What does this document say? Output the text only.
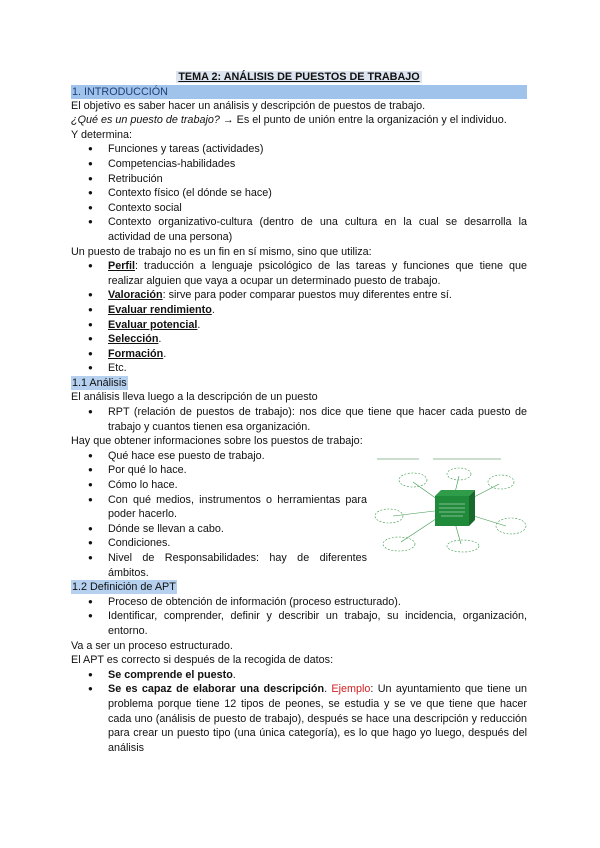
TEMA 2: ANÁLISIS DE PUESTOS DE TRABAJO
1. INTRODUCCIÓN
El objetivo es saber hacer un análisis y descripción de puestos de trabajo.
¿Qué es un puesto de trabajo? → Es el punto de unión entre la organización y el individuo.
Y determina:
● Funciones y tareas (actividades)
● Competencias-habilidades
● Retribución
● Contexto físico (el dónde se hace)
● Contexto social
● Contexto organizativo-cultura (dentro de una cultura en la cual se desarrolla la actividad de una persona)
Un puesto de trabajo no es un fin en sí mismo, sino que utiliza:
● Perfil: traducción a lenguaje psicológico de las tareas y funciones que tiene que realizar alguien que vaya a ocupar un determinado puesto de trabajo.
● Valoración: sirve para poder comparar puestos muy diferentes entre sí.
● Evaluar rendimiento.
● Evaluar potencial.
● Selección.
● Formación.
● Etc.
1.1 Análisis
El análisis lleva luego a la descripción de un puesto
● RPT (relación de puestos de trabajo): nos dice que tiene que hacer cada puesto de trabajo y cuantos tienen esa organización.
Hay que obtener informaciones sobre los puestos de trabajo:
● Qué hace ese puesto de trabajo.
● Por qué lo hace.
● Cómo lo hace.
● Con qué medios, instrumentos o herramientas para poder hacerlo.
● Dónde se llevan a cabo.
● Condiciones.
● Nivel de Responsabilidades: hay de diferentes ámbitos.
1.2 Definición de APT
● Proceso de obtención de información (proceso estructurado).
● Identificar, comprender, definir y describir un trabajo, su incidencia, organización, entorno.
Va a ser un proceso estructurado.
El APT es correcto si después de la recogida de datos:
● Se comprende el puesto.
● Se es capaz de elaborar una descripción. Ejemplo: Un ayuntamiento que tiene un problema porque tiene 12 tipos de peones, se estudia y se ve que tiene que hacer cada uno (análisis de puesto de trabajo), después se hace una descripción y reducción para crear un puesto tipo (una única categoría), es lo que hago yo luego, después del análisis
